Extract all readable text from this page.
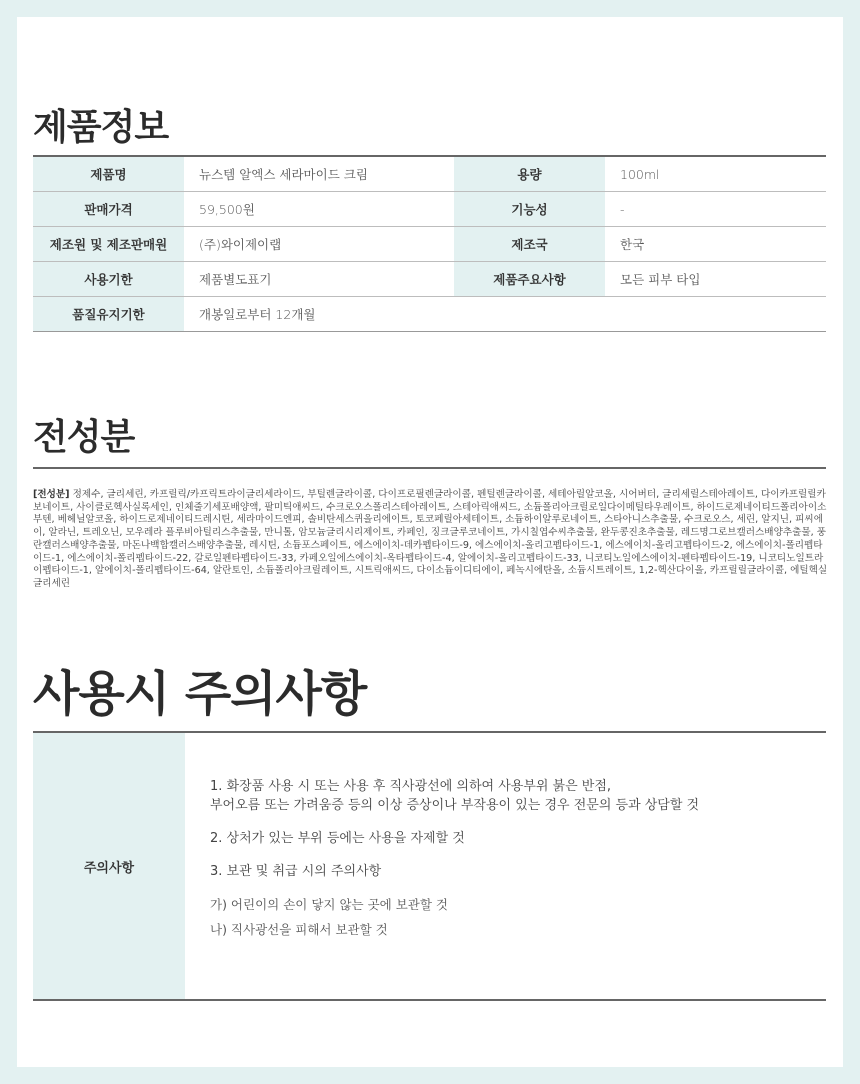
제품정보
제품명	뉴스템 알엑스 세라마이드 크림	용량	100ml
판매가격	59,500원	기능성	-
제조원 및 제조판매원	(주)와이제이랩	제조국	한국
사용기한	제품별도표기	제품주요사항	모든 피부 타입
품질유지기한	개봉일로부터 12개월		
전성분

[전성분] 정제수, 글리세린, 카프릴릭/카프릭트라이글리세라이드, 부틸렌글라이콜, 다이프로필렌글라이콜, 펜틸렌글라이콜, 세테아릴알코올, 시어버터, 글리세릴스테아레이트, 다이카프릴릴카보네이트, 사이클로헥사실록세인, 인체줄기세포배양액, 팔미틱애씨드, 수크로오스폴리스테아레이트, 스테아릭애씨드, 소듐폴리아크릴로일다이메틸타우레이트, 하이드로제네이티드폴리아이소부텐, 베헤닐알코올, 하이드로제네이티드레시틴, 세라마이드엔피, 솔비탄세스퀴올리에이트, 토코페릴아세테이트, 소듐하이알루로네이트, 스타아니스추출물, 수크로오스, 세린, 알지닌, 피씨에이, 알라닌, 트레오닌, 모우레라 플루비아틸리스추출물, 만니톨, 암모늄글리시리제이트, 카페인, 징크글루코네이트, 가시칠엽수씨추출물, 완두콩진초추출물, 레드명그로브캘러스배양추출물, 풍란캘러스배양추출물, 마돈나백합캘러스배양추출물, 레시틴, 소듐포스페이트, 에스에이치-데카펩타이드-9, 에스에이치-올리고펩타이드-1, 에스에이치-올리고펩타이드-2, 에스에이치-폴리펩타이드-1, 에스에이치-폴리펩타이드-22, 갈로일펜타펩타이드-33, 카페오일에스에이치-옥타펩타이드-4, 알에이치-올리고펩타이드-33, 니코티노일에스에이치-펜타펩타이드-19, 니코티노일트라이펩타이드-1, 알에이치-폴리펩타이드-64, 알란토인, 소듐폴리아크릴레이트, 시트릭애씨드, 다이소듐이디티에이, 페녹시에탄올, 소듐시트레이트, 1,2-헥산다이올, 카프릴릴글라이콜, 에틸헥실글리세린

사용시 주의사항
주의사항

1. 화장품 사용 시 또는 사용 후 직사광선에 의하여 사용부위 붉은 반점,

부어오름 또는 가려움증 등의 이상 증상이나 부작용이 있는 경우 전문의 등과 상담할 것

2. 상처가 있는 부위 등에는 사용을 자제할 것

3. 보관 및 취급 시의 주의사항

가) 어린이의 손이 닿지 않는 곳에 보관할 것

나) 직사광선을 피해서 보관할 것
